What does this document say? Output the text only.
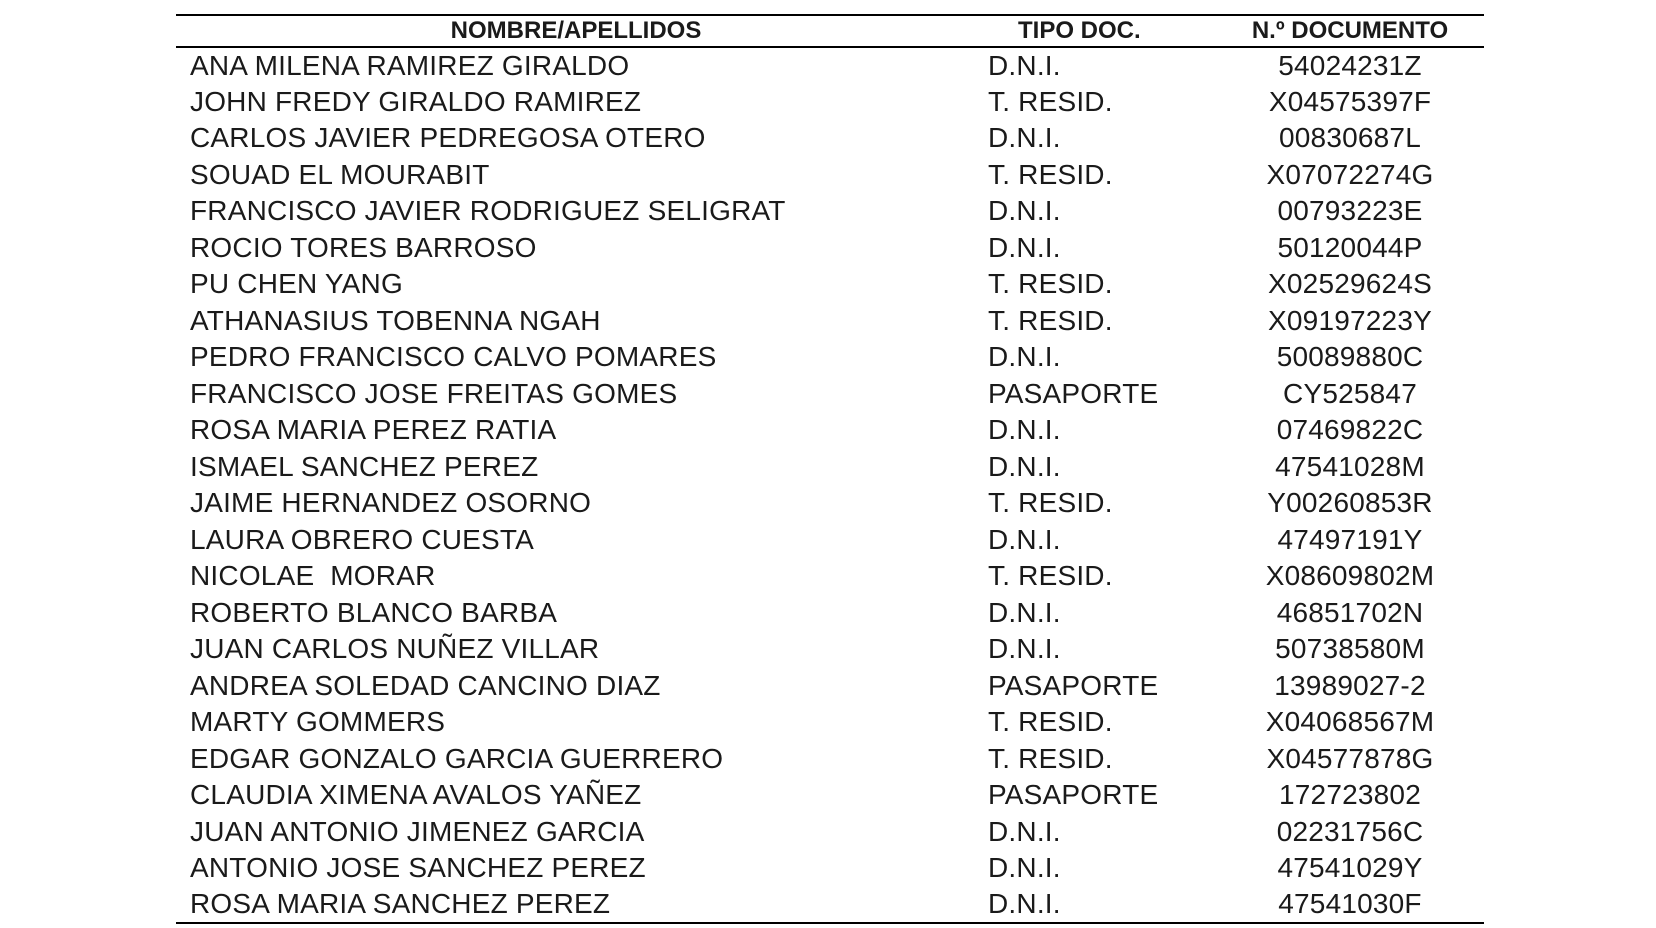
NOMBRE/APELLIDOS	TIPO DOC.	N.º DOCUMENTO
ANA MILENA RAMIREZ GIRALDO	D.N.I.	54024231Z
JOHN FREDY GIRALDO RAMIREZ	T. RESID.	X04575397F
CARLOS JAVIER PEDREGOSA OTERO	D.N.I.	00830687L
SOUAD EL MOURABIT	T. RESID.	X07072274G
FRANCISCO JAVIER RODRIGUEZ SELIGRAT	D.N.I.	00793223E
ROCIO TORES BARROSO	D.N.I.	50120044P
PU CHEN YANG	T. RESID.	X02529624S
ATHANASIUS TOBENNA NGAH	T. RESID.	X09197223Y
PEDRO FRANCISCO CALVO POMARES	D.N.I.	50089880C
FRANCISCO JOSE FREITAS GOMES	PASAPORTE	CY525847
ROSA MARIA PEREZ RATIA	D.N.I.	07469822C
ISMAEL SANCHEZ PEREZ	D.N.I.	47541028M
JAIME HERNANDEZ OSORNO	T. RESID.	Y00260853R
LAURA OBRERO CUESTA	D.N.I.	47497191Y
NICOLAE  MORAR	T. RESID.	X08609802M
ROBERTO BLANCO BARBA	D.N.I.	46851702N
JUAN CARLOS NUÑEZ VILLAR	D.N.I.	50738580M
ANDREA SOLEDAD CANCINO DIAZ	PASAPORTE	13989027-2
MARTY GOMMERS	T. RESID.	X04068567M
EDGAR GONZALO GARCIA GUERRERO	T. RESID.	X04577878G
CLAUDIA XIMENA AVALOS YAÑEZ	PASAPORTE	172723802
JUAN ANTONIO JIMENEZ GARCIA	D.N.I.	02231756C
ANTONIO JOSE SANCHEZ PEREZ	D.N.I.	47541029Y
ROSA MARIA SANCHEZ PEREZ	D.N.I.	47541030F
